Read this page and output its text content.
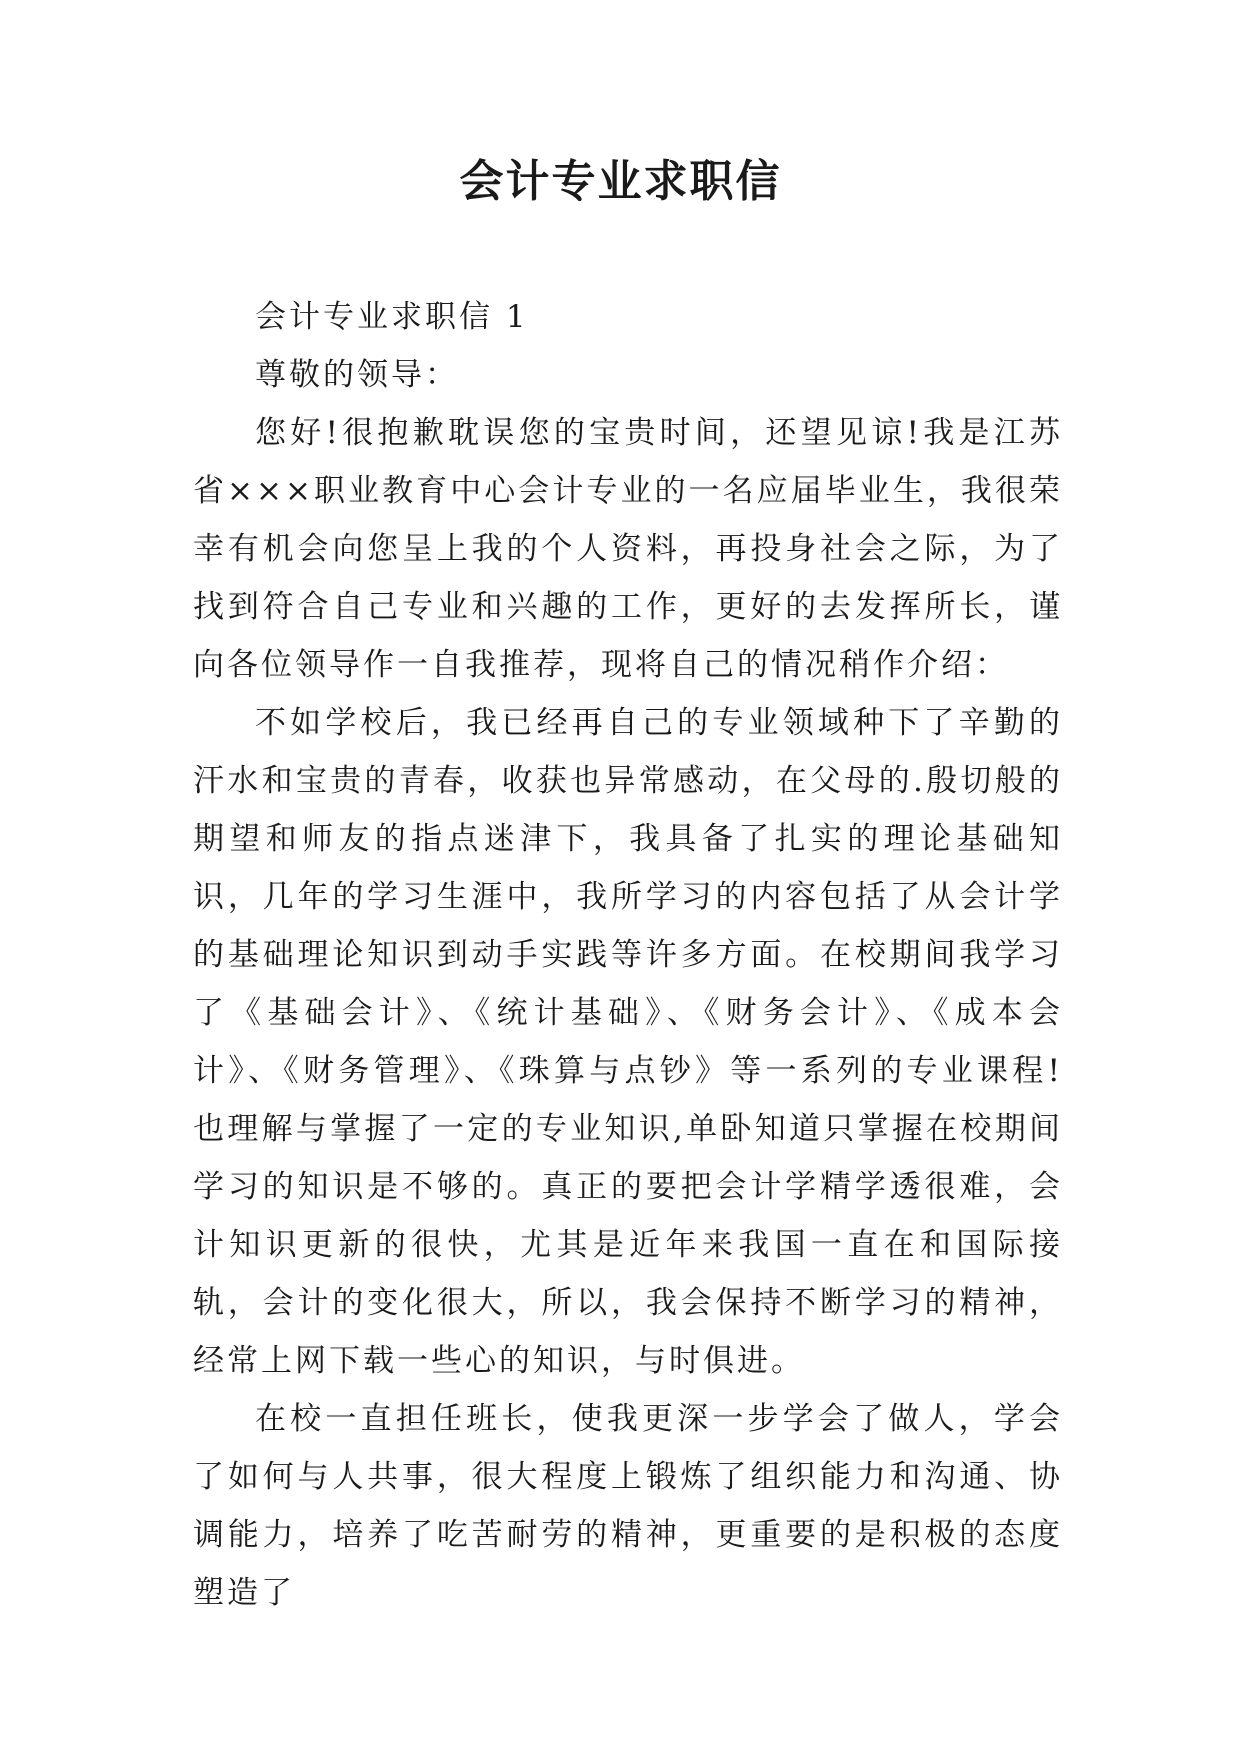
会计专业求职信

会计专业求职信 1

尊敬的领导：

您好!很抱歉耽误您的宝贵时间，还望见谅!我是江苏省×××职业教育中心会计专业的一名应届毕业生，我很荣幸有机会向您呈上我的个人资料，再投身社会之际，为了找到符合自己专业和兴趣的工作，更好的去发挥所长，谨向各位领导作一自我推荐，现将自己的情况稍作介绍：

不如学校后，我已经再自己的专业领域种下了辛勤的汗水和宝贵的青春，收获也异常感动，在父母的.殷切般的期望和师友的指点迷津下，我具备了扎实的理论基础知识，几年的学习生涯中，我所学习的内容包括了从会计学的基础理论知识到动手实践等许多方面。在校期间我学习了《基础会计》、《统计基础》、《财务会计》、《成本会计》、《财务管理》、《珠算与点钞》等一系列的专业课程!也理解与掌握了一定的专业知识,单卧知道只掌握在校期间学习的知识是不够的。真正的要把会计学精学透很难，会计知识更新的很快，尤其是近年来我国一直在和国际接轨，会计的变化很大，所以，我会保持不断学习的精神，经常上网下载一些心的知识，与时俱进。

在校一直担任班长，使我更深一步学会了做人，学会了如何与人共事，很大程度上锻炼了组织能力和沟通、协调能力，培养了吃苦耐劳的精神，更重要的是积极的态度塑造了
